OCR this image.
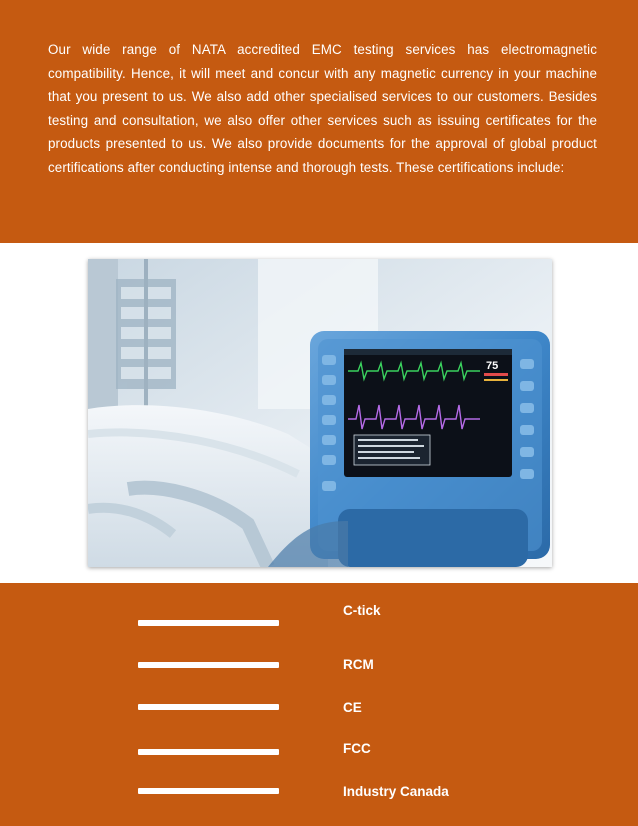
Our wide range of NATA accredited EMC testing services has electromagnetic compatibility. Hence, it will meet and concur with any magnetic currency in your machine that you present to us. We also add other specialised services to our customers. Besides testing and consultation, we also offer other services such as issuing certificates for the products presented to us. We also provide documents for the approval of global product certifications after conducting intense and thorough tests. These certifications include:

75
C-tick
RCM
CE
FCC
Industry Canada
